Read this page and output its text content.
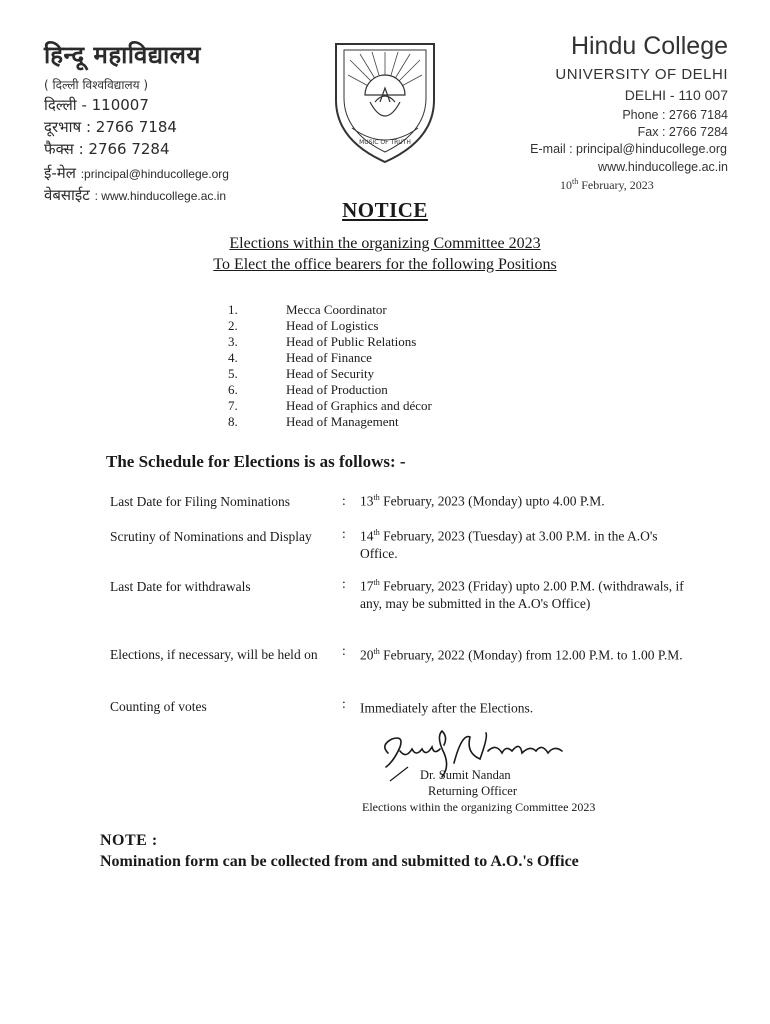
हिन्दू महाविद्यालय
( दिल्ली विश्वविद्यालय )
दिल्ली - 110007
दूरभाष : 2766 7184
फैक्स : 2766 7284
ई-मेल :principal@hinducollege.org
वेबसाईट : www.hinducollege.ac.in
MUSIC OF TRUTH
Hindu College
UNIVERSITY OF DELHI
DELHI - 110 007
Phone : 2766 7184
Fax : 2766 7284
E-mail : principal@hinducollege.org
www.hinducollege.ac.in
10th February, 2023
NOTICE
Elections within the organizing Committee 2023
To Elect the office bearers for the following Positions
1.	Mecca Coordinator
2.	Head of Logistics
3.	Head of Public Relations
4.	Head of Finance
5.	Head of Security
6.	Head of Production
7.	Head of Graphics and décor
8.	Head of Management
The Schedule for Elections is as follows: -
Last Date for Filing Nominations	: 13th February, 2023 (Monday) upto 4.00 P.M.
Scrutiny of Nominations and Display	: 14th February, 2023 (Tuesday) at 3.00 P.M. in the A.O's Office.
Last Date for withdrawals	: 17th February, 2023 (Friday) upto 2.00 P.M. (withdrawals, if any, may be submitted in the A.O's Office)
Elections, if necessary, will be held on	: 20th February, 2022 (Monday) from 12.00 P.M. to 1.00 P.M.
Counting of votes	: Immediately after the Elections.
Dr. Sumit Nandan
Returning Officer
Elections within the organizing Committee 2023
NOTE :
Nomination form can be collected from and submitted to A.O.'s Office
